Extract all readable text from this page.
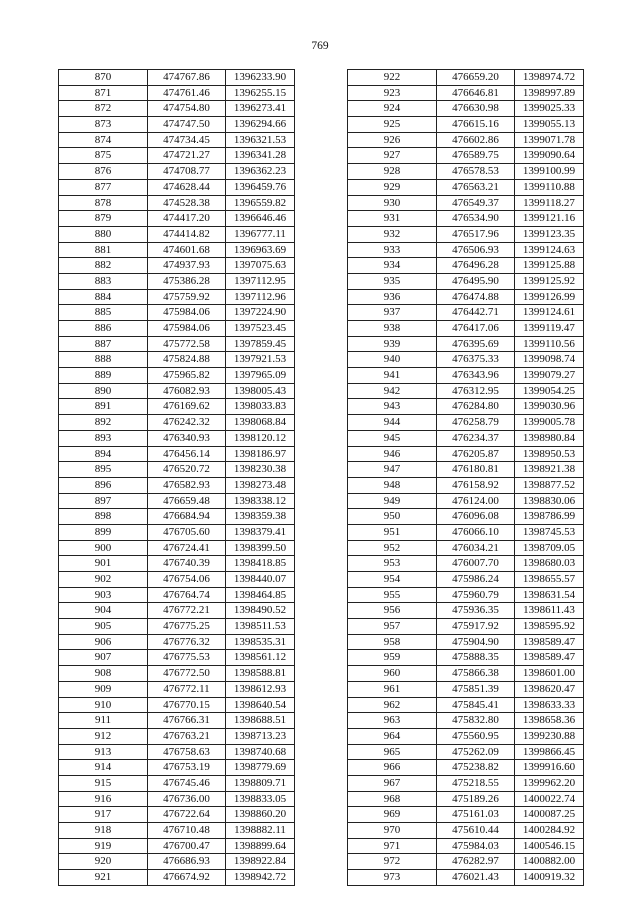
769
870	474767.86	1396233.90
871	474761.46	1396255.15
872	474754.80	1396273.41
873	474747.50	1396294.66
874	474734.45	1396321.53
875	474721.27	1396341.28
876	474708.77	1396362.23
877	474628.44	1396459.76
878	474528.38	1396559.82
879	474417.20	1396646.46
880	474414.82	1396777.11
881	474601.68	1396963.69
882	474937.93	1397075.63
883	475386.28	1397112.95
884	475759.92	1397112.96
885	475984.06	1397224.90
886	475984.06	1397523.45
887	475772.58	1397859.45
888	475824.88	1397921.53
889	475965.82	1397965.09
890	476082.93	1398005.43
891	476169.62	1398033.83
892	476242.32	1398068.84
893	476340.93	1398120.12
894	476456.14	1398186.97
895	476520.72	1398230.38
896	476582.93	1398273.48
897	476659.48	1398338.12
898	476684.94	1398359.38
899	476705.60	1398379.41
900	476724.41	1398399.50
901	476740.39	1398418.85
902	476754.06	1398440.07
903	476764.74	1398464.85
904	476772.21	1398490.52
905	476775.25	1398511.53
906	476776.32	1398535.31
907	476775.53	1398561.12
908	476772.50	1398588.81
909	476772.11	1398612.93
910	476770.15	1398640.54
911	476766.31	1398688.51
912	476763.21	1398713.23
913	476758.63	1398740.68
914	476753.19	1398779.69
915	476745.46	1398809.71
916	476736.00	1398833.05
917	476722.64	1398860.20
918	476710.48	1398882.11
919	476700.47	1398899.64
920	476686.93	1398922.84
921	476674.92	1398942.72
922	476659.20	1398974.72
923	476646.81	1398997.89
924	476630.98	1399025.33
925	476615.16	1399055.13
926	476602.86	1399071.78
927	476589.75	1399090.64
928	476578.53	1399100.99
929	476563.21	1399110.88
930	476549.37	1399118.27
931	476534.90	1399121.16
932	476517.96	1399123.35
933	476506.93	1399124.63
934	476496.28	1399125.88
935	476495.90	1399125.92
936	476474.88	1399126.99
937	476442.71	1399124.61
938	476417.06	1399119.47
939	476395.69	1399110.56
940	476375.33	1399098.74
941	476343.96	1399079.27
942	476312.95	1399054.25
943	476284.80	1399030.96
944	476258.79	1399005.78
945	476234.37	1398980.84
946	476205.87	1398950.53
947	476180.81	1398921.38
948	476158.92	1398877.52
949	476124.00	1398830.06
950	476096.08	1398786.99
951	476066.10	1398745.53
952	476034.21	1398709.05
953	476007.70	1398680.03
954	475986.24	1398655.57
955	475960.79	1398631.54
956	475936.35	1398611.43
957	475917.92	1398595.92
958	475904.90	1398589.47
959	475888.35	1398589.47
960	475866.38	1398601.00
961	475851.39	1398620.47
962	475845.41	1398633.33
963	475832.80	1398658.36
964	475560.95	1399230.88
965	475262.09	1399866.45
966	475238.82	1399916.60
967	475218.55	1399962.20
968	475189.26	1400022.74
969	475161.03	1400087.25
970	475610.44	1400284.92
971	475984.03	1400546.15
972	476282.97	1400882.00
973	476021.43	1400919.32
